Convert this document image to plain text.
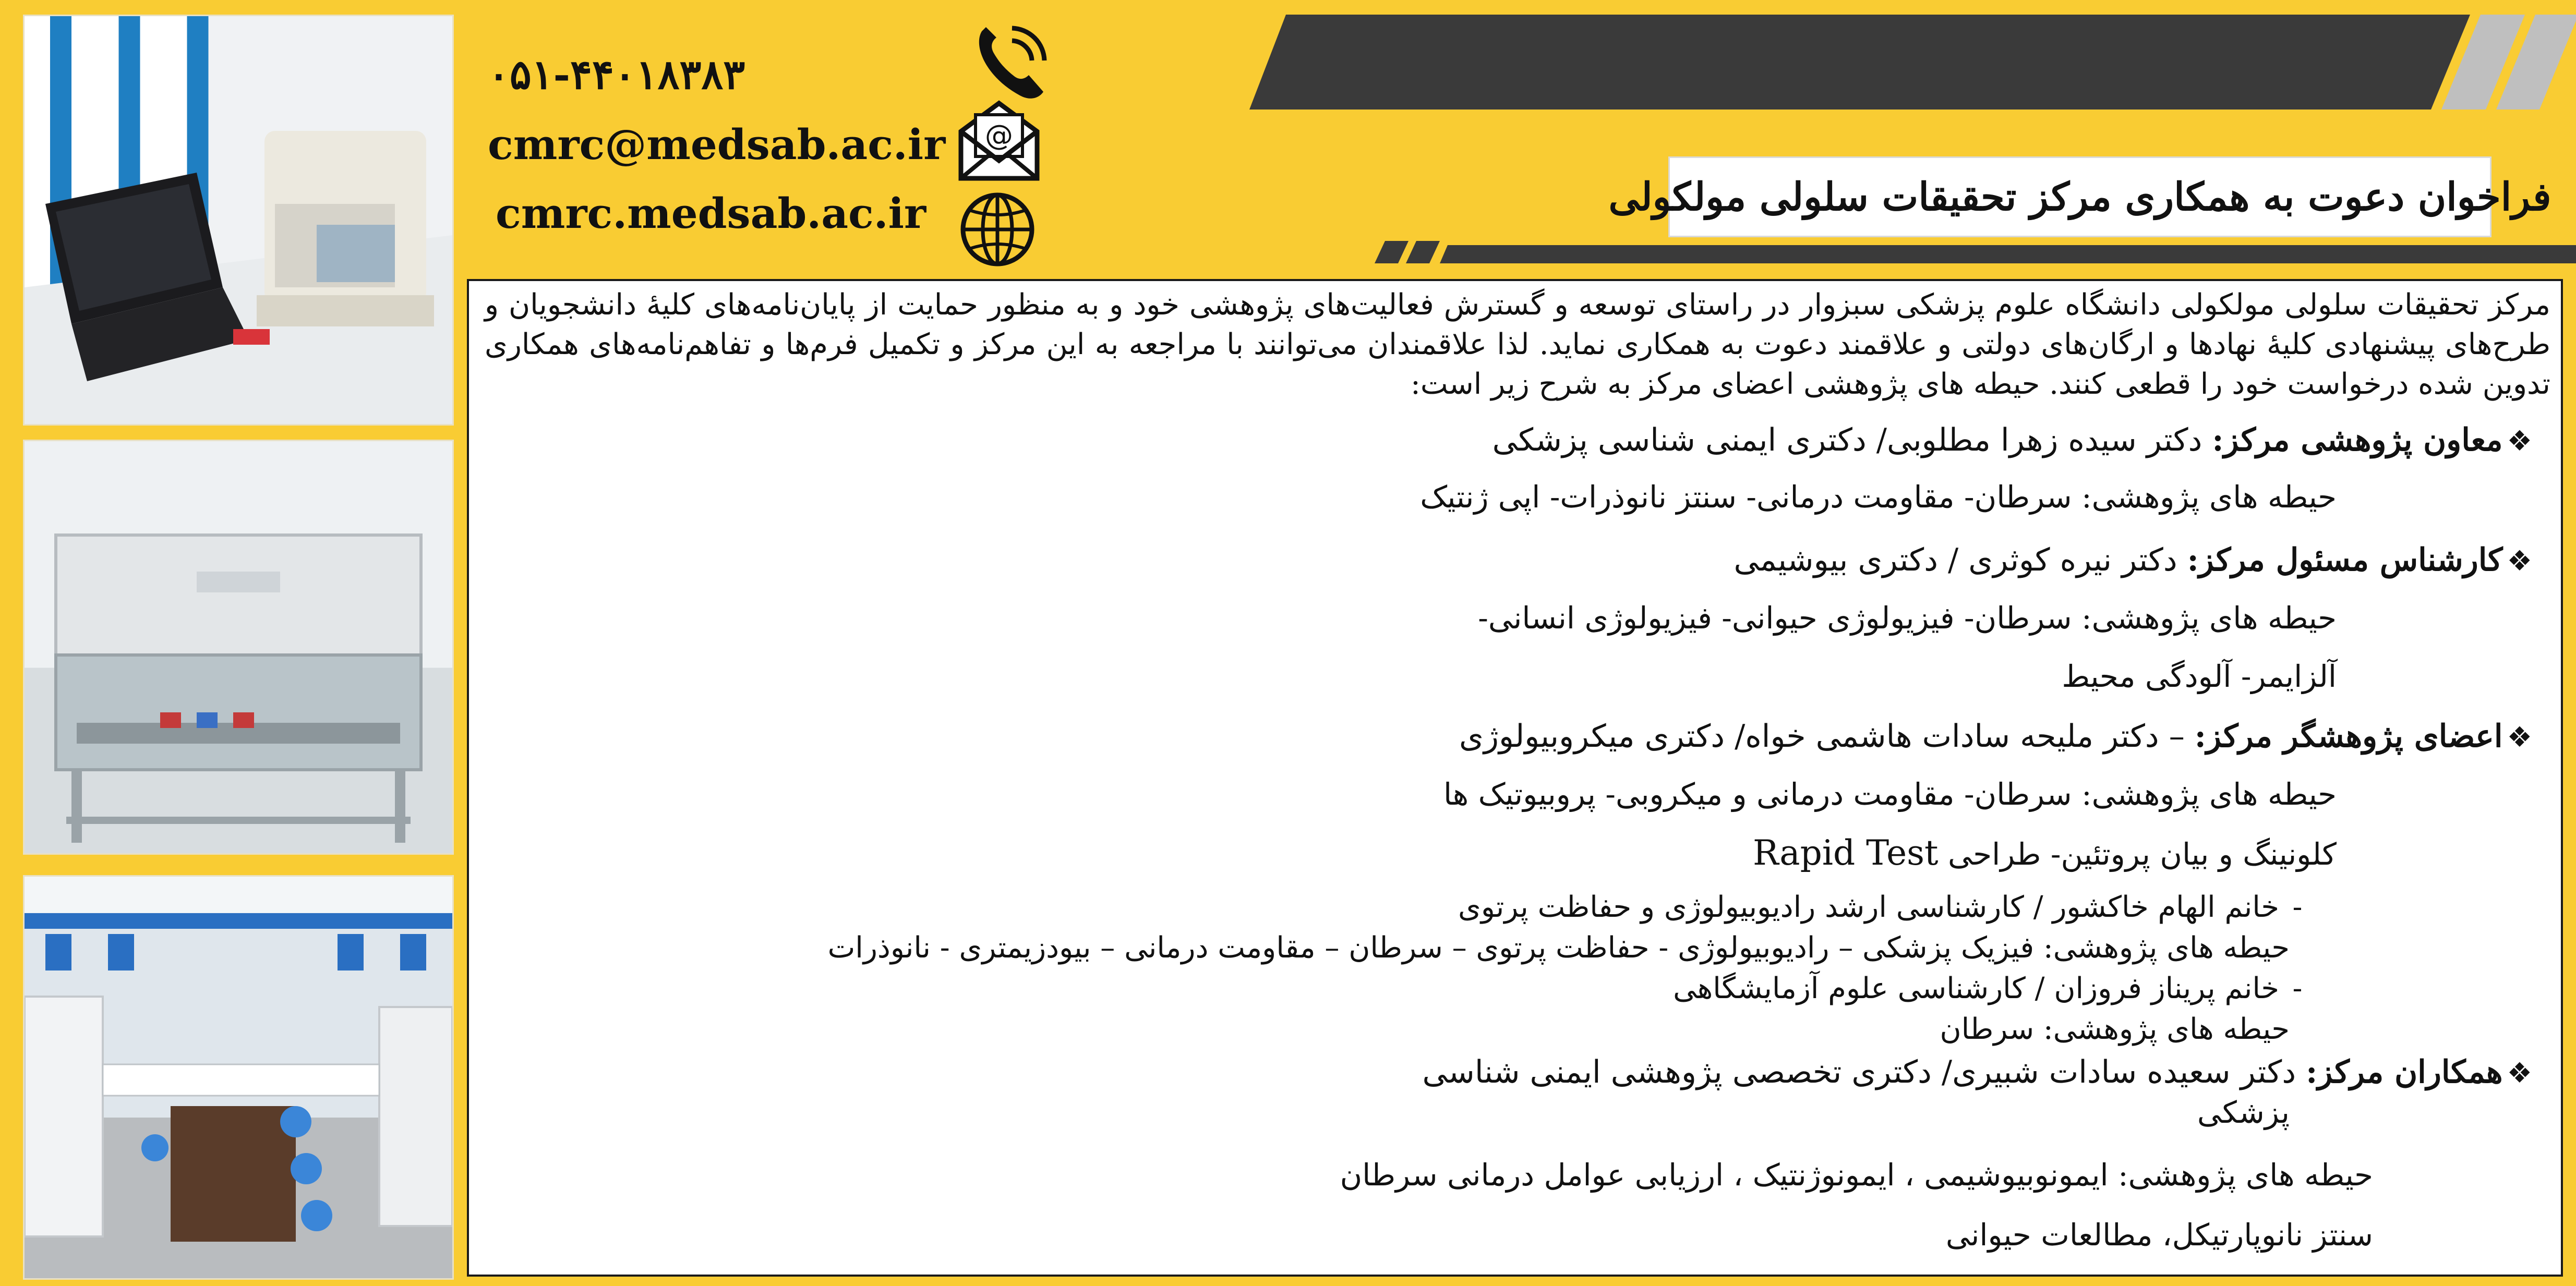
۰۵۱-۴۴۰۱۸۳۸۳
cmrc@medsab.ac.ir
cmrc.medsab.ac.ir
@
فراخوان دعوت به همکاری مرکز تحقیقات سلولی مولکولی
مرکز تحقیقات سلولی مولکولی دانشگاه علوم پزشکی سبزوار در راستای توسعه و گسترش فعالیت‌های پژوهشی خود و به منظور حمایت از پایان‌نامه‌های کلیهٔ دانشجویان و طرح‌های پیشنهادی کلیهٔ نهادها و ارگان‌های دولتی و علاقمند دعوت به همکاری نماید. لذا علاقمندان می‌توانند با مراجعه به این مرکز و تکمیل فرم‌ها و تفاهم‌نامه‌های همکاری تدوین شده درخواست خود را قطعی کنند. حیطه های پژوهشی اعضای مرکز به شرح زیر است:
❖معاون پژوهشی مرکز: دکتر سیده زهرا مطلوبی/ دکتری ایمنی شناسی پزشکی
حیطه های پژوهشی: سرطان- مقاومت درمانی- سنتز نانوذرات- اپی ژنتیک
❖کارشناس مسئول مرکز: دکتر نیره کوثری / دکتری بیوشیمی
حیطه های پژوهشی: سرطان- فیزیولوژی حیوانی- فیزیولوژی انسانی-
آلزایمر- آلودگی محیط
❖اعضای پژوهشگر مرکز: – دکتر ملیحه سادات هاشمی خواه/ دکتری میکروبیولوژی
حیطه های پژوهشی: سرطان- مقاومت درمانی و میکروبی- پروبیوتیک ها
کلونینگ و بیان پروتئین- طراحی Rapid Test
-خانم الهام خاکشور / کارشناسی ارشد رادیوبیولوژی و حفاظت پرتوی
حیطه های پژوهشی: فیزیک پزشکی – رادیوبیولوژی - حفاظت پرتوی – سرطان – مقاومت درمانی – بیودزیمتری - نانوذرات
-خانم پریناز فروزان / کارشناسی علوم آزمایشگاهی
حیطه های پژوهشی: سرطان
❖همکاران مرکز: دکتر سعیده سادات شبیری/ دکتری تخصصی پژوهشی ایمنی شناسی
پزشکی
حیطه های پژوهشی: ایمونوبیوشیمی ، ایمونوژنتیک ، ارزیابی عوامل درمانی سرطان
سنتز نانوپارتیکل، مطالعات حیوانی
